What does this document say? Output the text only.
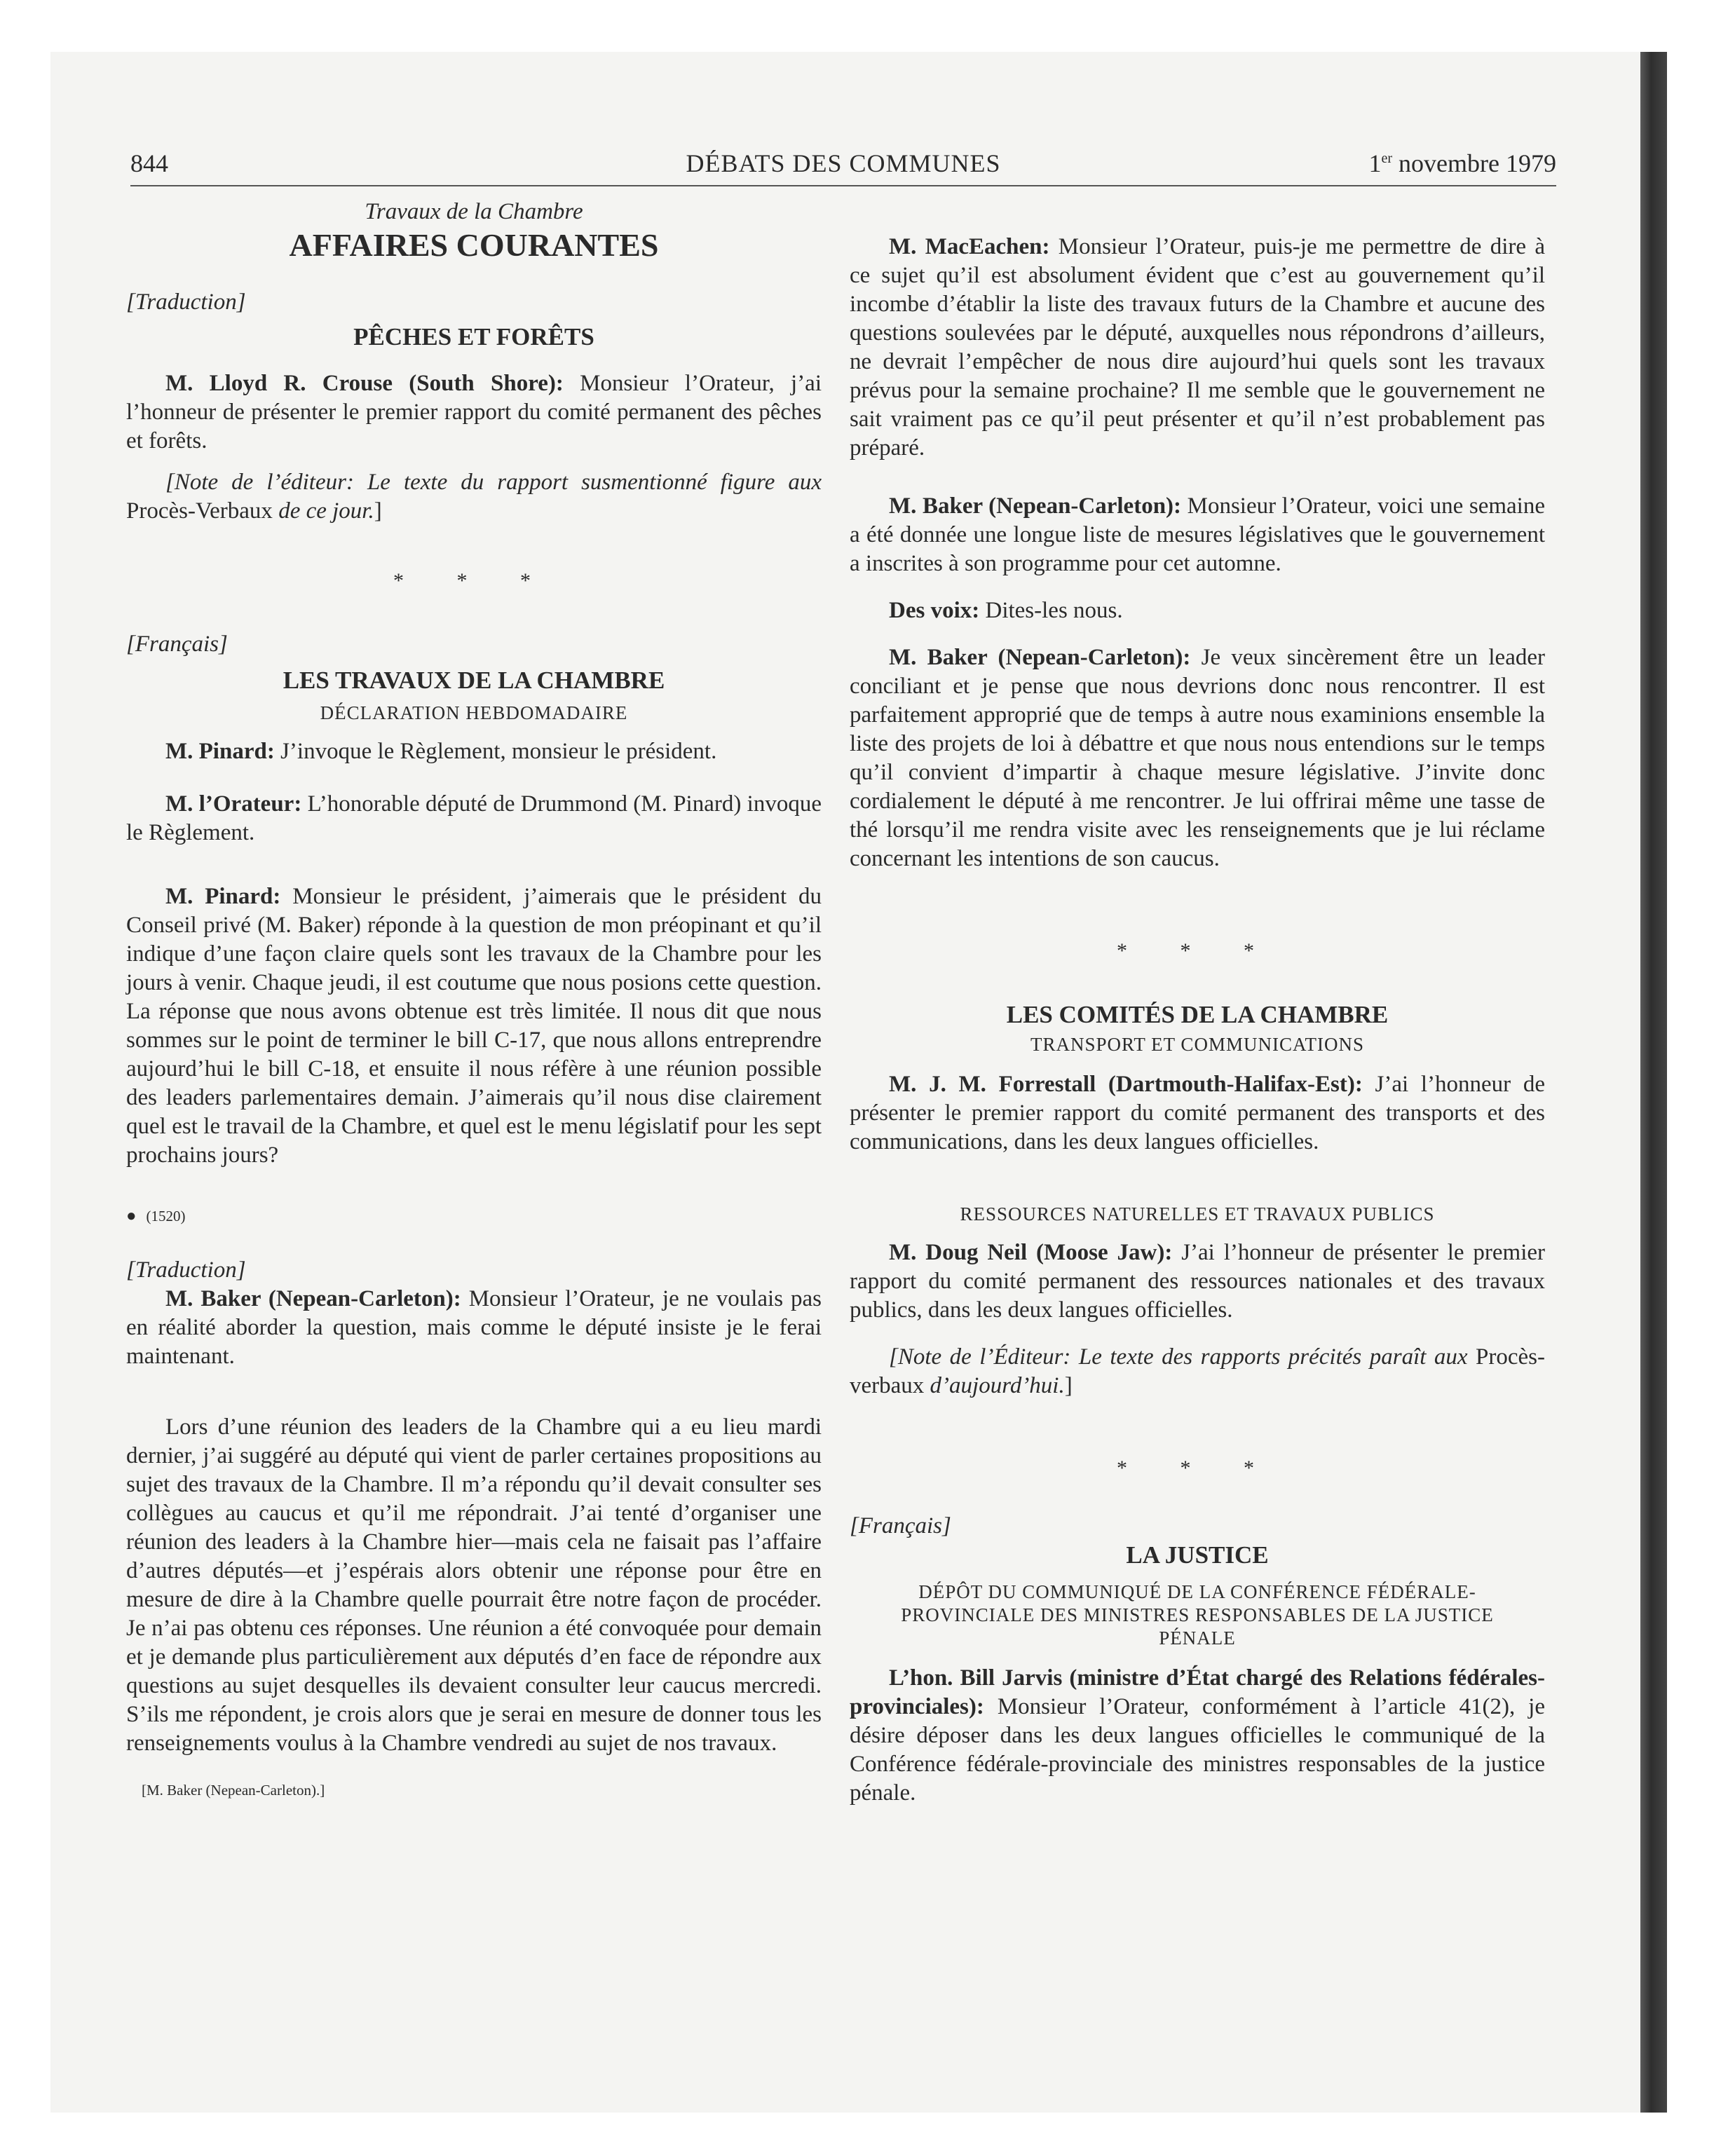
844	DÉBATS DES COMMUNES	1er novembre 1979

Travaux de la Chambre

AFFAIRES COURANTES

[Traduction]

PÊCHES ET FORÊTS

M. Lloyd R. Crouse (South Shore): Monsieur l’Orateur, j’ai l’honneur de présenter le premier rapport du comité permanent des pêches et forêts.

[Note de l’éditeur: Le texte du rapport susmentionné figure aux Procès-Verbaux de ce jour.]

* * *

[Français]

LES TRAVAUX DE LA CHAMBRE

DÉCLARATION HEBDOMADAIRE

M. Pinard: J’invoque le Règlement, monsieur le président.

M. l’Orateur: L’honorable député de Drummond (M. Pinard) invoque le Règlement.

M. Pinard: Monsieur le président, j’aimerais que le président du Conseil privé (M. Baker) réponde à la question de mon préopinant et qu’il indique d’une façon claire quels sont les travaux de la Chambre pour les jours à venir. Chaque jeudi, il est coutume que nous posions cette question. La réponse que nous avons obtenue est très limitée. Il nous dit que nous sommes sur le point de terminer le bill C-17, que nous allons entreprendre aujourd’hui le bill C-18, et ensuite il nous réfère à une réunion possible des leaders parlementaires demain. J’aimerais qu’il nous dise clairement quel est le travail de la Chambre, et quel est le menu législatif pour les sept prochains jours?

● (1520)

[Traduction]

M. Baker (Nepean-Carleton): Monsieur l’Orateur, je ne voulais pas en réalité aborder la question, mais comme le député insiste je le ferai maintenant.

Lors d’une réunion des leaders de la Chambre qui a eu lieu mardi dernier, j’ai suggéré au député qui vient de parler certaines propositions au sujet des travaux de la Chambre. Il m’a répondu qu’il devait consulter ses collègues au caucus et qu’il me répondrait. J’ai tenté d’organiser une réunion des leaders à la Chambre hier—mais cela ne faisait pas l’affaire d’autres députés—et j’espérais alors obtenir une réponse pour être en mesure de dire à la Chambre quelle pourrait être notre façon de procéder. Je n’ai pas obtenu ces réponses. Une réunion a été convoquée pour demain et je demande plus particulièrement aux députés d’en face de répondre aux questions au sujet desquelles ils devaient consulter leur caucus mercredi. S’ils me répondent, je crois alors que je serai en mesure de donner tous les renseignements voulus à la Chambre vendredi au sujet de nos travaux.

[M. Baker (Nepean-Carleton).]

M. MacEachen: Monsieur l’Orateur, puis-je me permettre de dire à ce sujet qu’il est absolument évident que c’est au gouvernement qu’il incombe d’établir la liste des travaux futurs de la Chambre et aucune des questions soulevées par le député, auxquelles nous répondrons d’ailleurs, ne devrait l’empêcher de nous dire aujourd’hui quels sont les travaux prévus pour la semaine prochaine? Il me semble que le gouvernement ne sait vraiment pas ce qu’il peut présenter et qu’il n’est probablement pas préparé.

M. Baker (Nepean-Carleton): Monsieur l’Orateur, voici une semaine a été donnée une longue liste de mesures législatives que le gouvernement a inscrites à son programme pour cet automne.

Des voix: Dites-les nous.

M. Baker (Nepean-Carleton): Je veux sincèrement être un leader conciliant et je pense que nous devrions donc nous rencontrer. Il est parfaitement approprié que de temps à autre nous examinions ensemble la liste des projets de loi à débattre et que nous nous entendions sur le temps qu’il convient d’impartir à chaque mesure législative. J’invite donc cordialement le député à me rencontrer. Je lui offrirai même une tasse de thé lorsqu’il me rendra visite avec les renseignements que je lui réclame concernant les intentions de son caucus.

* * *

LES COMITÉS DE LA CHAMBRE

TRANSPORT ET COMMUNICATIONS

M. J. M. Forrestall (Dartmouth-Halifax-Est): J’ai l’honneur de présenter le premier rapport du comité permanent des transports et des communications, dans les deux langues officielles.

RESSOURCES NATURELLES ET TRAVAUX PUBLICS

M. Doug Neil (Moose Jaw): J’ai l’honneur de présenter le premier rapport du comité permanent des ressources nationales et des travaux publics, dans les deux langues officielles.

[Note de l’Éditeur: Le texte des rapports précités paraît aux Procès-verbaux d’aujourd’hui.]

* * *

[Français]

LA JUSTICE

DÉPÔT DU COMMUNIQUÉ DE LA CONFÉRENCE FÉDÉRALE-PROVINCIALE DES MINISTRES RESPONSABLES DE LA JUSTICE PÉNALE

L’hon. Bill Jarvis (ministre d’État chargé des Relations fédérales-provinciales): Monsieur l’Orateur, conformément à l’article 41(2), je désire déposer dans les deux langues officielles le communiqué de la Conférence fédérale-provinciale des ministres responsables de la justice pénale.
